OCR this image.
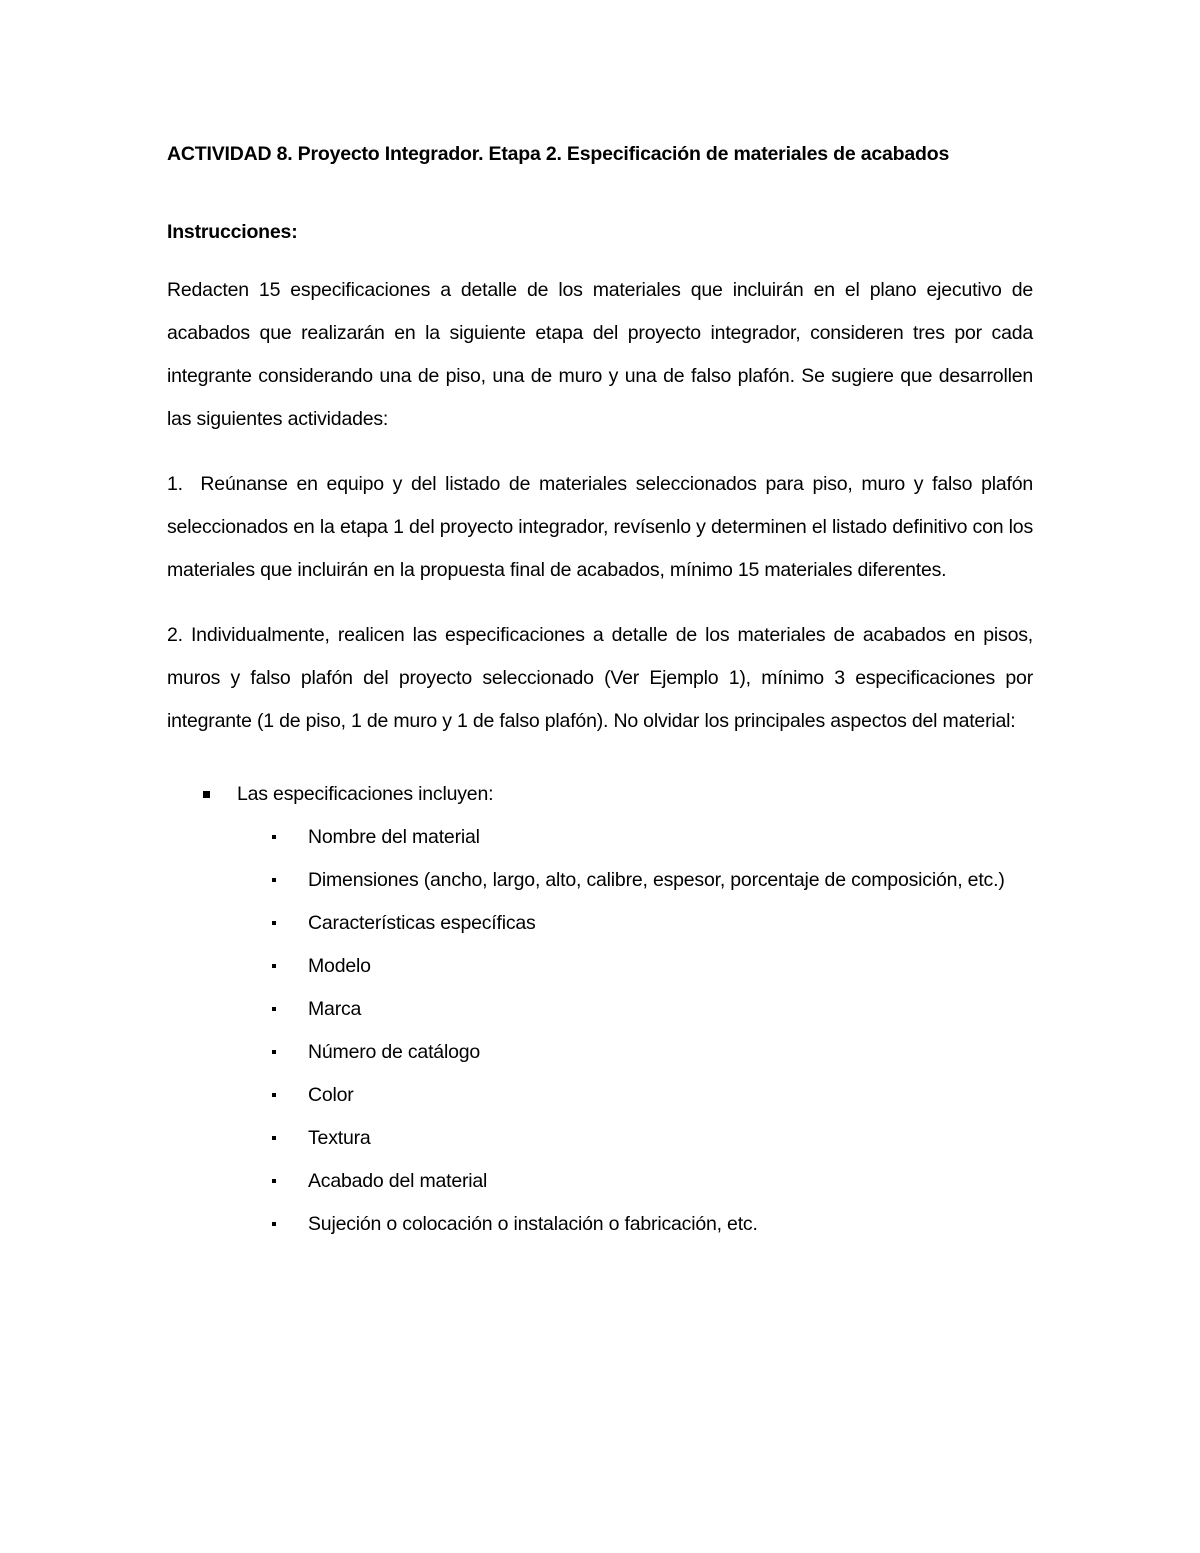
ACTIVIDAD 8. Proyecto Integrador. Etapa 2. Especificación de materiales de acabados

Instrucciones:

Redacten 15 especificaciones a detalle de los materiales que incluirán en el plano ejecutivo de acabados que realizarán en la siguiente etapa del proyecto integrador, consideren tres por cada integrante considerando una de piso, una de muro y una de falso plafón. Se sugiere que desarrollen las siguientes actividades:

1. Reúnanse en equipo y del listado de materiales seleccionados para piso, muro y falso plafón seleccionados en la etapa 1 del proyecto integrador, revísenlo y determinen el listado definitivo con los materiales que incluirán en la propuesta final de acabados, mínimo 15 materiales diferentes.

2. Individualmente, realicen las especificaciones a detalle de los materiales de acabados en pisos, muros y falso plafón del proyecto seleccionado (Ver Ejemplo 1), mínimo 3 especificaciones por integrante (1 de piso, 1 de muro y 1 de falso plafón). No olvidar los principales aspectos del material:

Las especificaciones incluyen:
Nombre del material
Dimensiones (ancho, largo, alto, calibre, espesor, porcentaje de composición, etc.)
Características específicas
Modelo
Marca
Número de catálogo
Color
Textura
Acabado del material
Sujeción o colocación o instalación o fabricación, etc.
